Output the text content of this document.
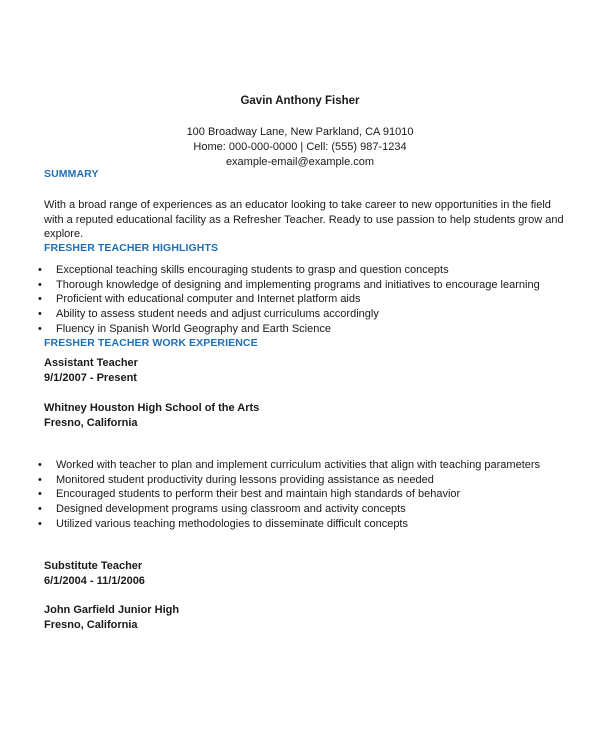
Gavin Anthony Fisher
100 Broadway Lane, New Parkland, CA 91010
Home: 000-000-0000 | Cell: (555) 987-1234
example-email@example.com
SUMMARY
With a broad range of experiences as an educator looking to take career to new opportunities in the field with a reputed educational facility as a Refresher Teacher. Ready to use passion to help students grow and explore.
FRESHER TEACHER HIGHLIGHTS
• Exceptional teaching skills encouraging students to grasp and question concepts
• Thorough knowledge of designing and implementing programs and initiatives to encourage learning
• Proficient with educational computer and Internet platform aids
• Ability to assess student needs and adjust curriculums accordingly
• Fluency in Spanish World Geography and Earth Science
FRESHER TEACHER WORK EXPERIENCE
Assistant Teacher
9/1/2007 - Present
Whitney Houston High School of the Arts
Fresno, California
• Worked with teacher to plan and implement curriculum activities that align with teaching parameters
• Monitored student productivity during lessons providing assistance as needed
• Encouraged students to perform their best and maintain high standards of behavior
• Designed development programs using classroom and activity concepts
• Utilized various teaching methodologies to disseminate difficult concepts
Substitute Teacher
6/1/2004 - 11/1/2006
John Garfield Junior High
Fresno, California
